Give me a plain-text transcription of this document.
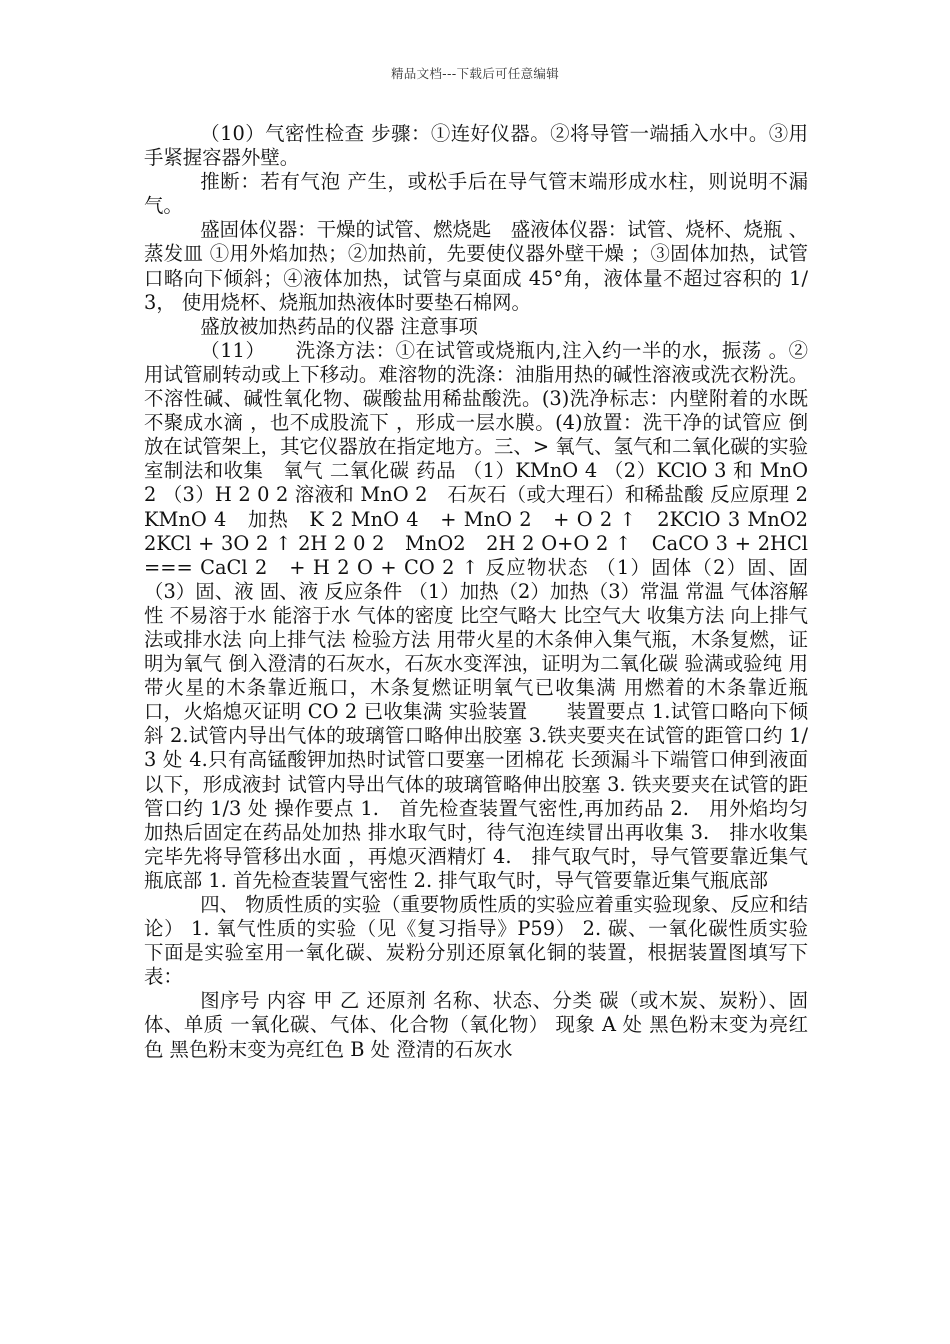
精品文档---下载后可任意编辑

（10）气密性检查 步骤：①连好仪器。②将导管一端插入水中。③用 手紧握容器外壁。

推断：若有气泡 产生，或松手后在导气管末端形成水柱，则说明不漏气。

盛固体仪器：干燥的试管、燃烧匙　盛液体仪器：试管、烧杯、烧瓶 、蒸发皿 ①用外焰加热；②加热前，先要使仪器外壁干燥 ；③固体加热，试管口略向下倾斜；④液体加热，试管与桌面成 45°角，液体量不超过容积的 1/3， 使用烧杯、烧瓶加热液体时要垫石棉网。

盛放被加热药品的仪器 注意事项

（11）　　洗涤方法：①在试管或烧瓶内,注入约一半的水，振荡 。②用试管刷转动或上下移动。难溶物的洗涤：油脂用热的碱性溶液或洗衣粉洗。不溶性碱、碱性氧化物、碳酸盐用稀盐酸洗。(3)洗净标志：内壁附着的水既不聚成水滴 ，也不成股流下 ，形成一层水膜。(4)放置：洗干净的试管应 倒　放在试管架上，其它仪器放在指定地方。三、> 氧气、氢气和二氧化碳的实验室制法和收集　氧气 二氧化碳 药品 （1）KMnO 4 （2）KClO 3 和 MnO 2 （3）H 2 0 2 溶液和 MnO 2　石灰石（或大理石）和稀盐酸 反应原理 2KMnO 4　加热　K 2 MnO 4　+ MnO 2　+ O 2 ↑　2KClO 3 MnO2　2KCl + 3O 2 ↑ 2H 2 0 2　MnO2　2H 2 O+O 2 ↑　CaCO 3 + 2HCl === CaCl 2　+ H 2 O + CO 2 ↑ 反应物状态 （1）固体（2）固、固（3）固、液 固、液 反应条件 （1）加热（2）加热（3）常温 常温 气体溶解性 不易溶于水 能溶于水 气体的密度 比空气略大 比空气大 收集方法 向上排气法或排水法 向上排气法 检验方法 用带火星的木条伸入集气瓶，木条复燃，证明为氧气 倒入澄清的石灰水，石灰水变浑浊，证明为二氧化碳 验满或验纯 用带火星的木条靠近瓶口，木条复燃证明氧气已收集满 用燃着的木条靠近瓶口，火焰熄灭证明 CO 2 已收集满 实验装置　　装置要点 1.试管口略向下倾斜 2.试管内导出气体的玻璃管口略伸出胶塞 3.铁夹要夹在试管的距管口约 1/3 处 4.只有高锰酸钾加热时试管口要塞一团棉花 长颈漏斗下端管口伸到液面以下，形成液封 试管内导出气体的玻璃管略伸出胶塞 3. 铁夹要夹在试管的距管口约 1/3 处 操作要点 1.　首先检查装置气密性,再加药品 2.　用外焰均匀加热后固定在药品处加热 排水取气时，待气泡连续冒出再收集 3.　排水收集完毕先将导管移出水面 ，再熄灭酒精灯 4.　排气取气时，导气管要靠近集气瓶底部 1. 首先检查装置气密性 2. 排气取气时，导气管要靠近集气瓶底部

四、 物质性质的实验（重要物质性质的实验应着重实验现象、反应和结论） 1. 氧气性质的实验（见《复习指导》P59） 2. 碳、一氧化碳性质实验 下面是实验室用一氧化碳、炭粉分别还原氧化铜的装置，根据装置图填写下表：

图序号 内容 甲 乙 还原剂 名称、状态、分类 碳（或木炭、炭粉）、固体、单质 一氧化碳、气体、化合物（氧化物） 现象 A 处 黑色粉末变为亮红色 黑色粉末变为亮红色 B 处 澄清的石灰水
